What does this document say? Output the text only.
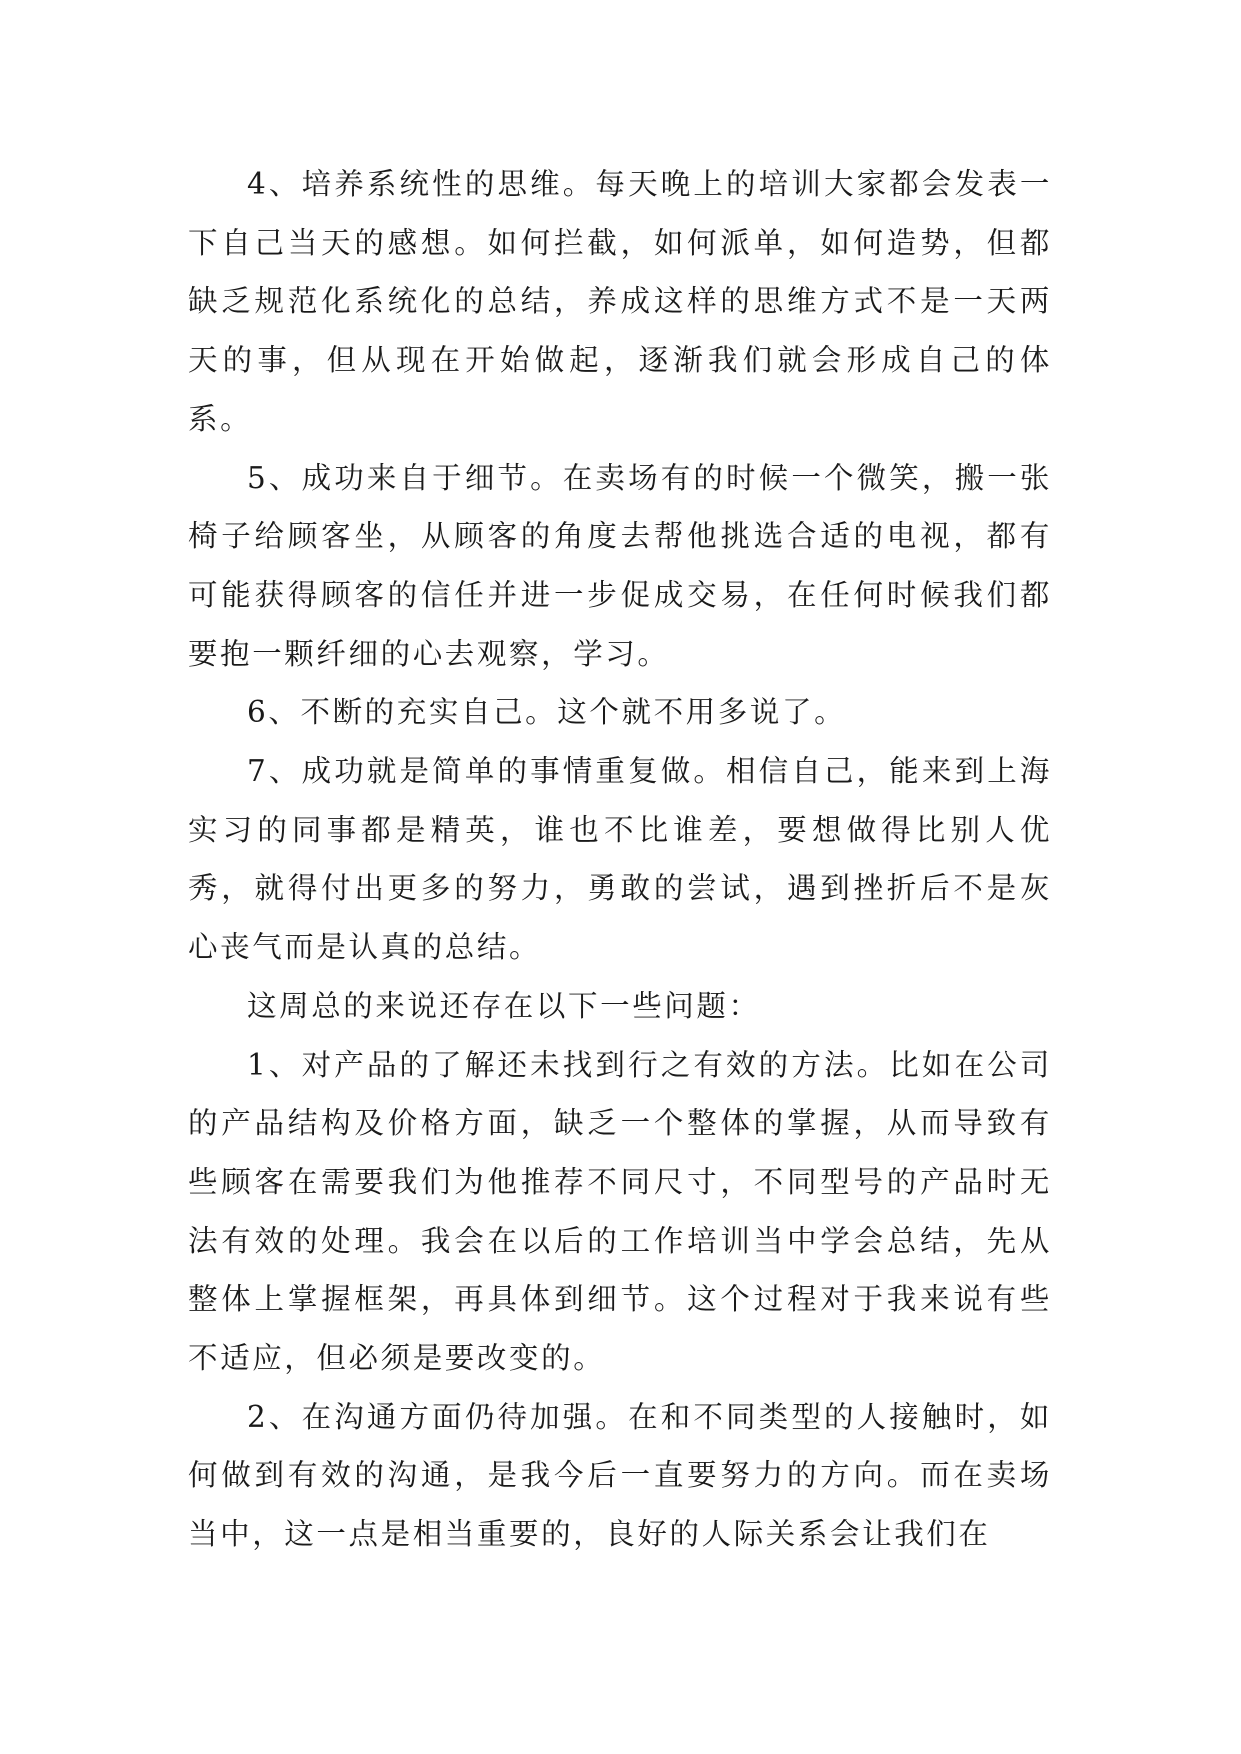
4、培养系统性的思维。每天晚上的培训大家都会发表一下自己当天的感想。如何拦截，如何派单，如何造势，但都缺乏规范化系统化的总结，养成这样的思维方式不是一天两天的事，但从现在开始做起，逐渐我们就会形成自己的体系。

5、成功来自于细节。在卖场有的时候一个微笑，搬一张椅子给顾客坐，从顾客的角度去帮他挑选合适的电视，都有可能获得顾客的信任并进一步促成交易，在任何时候我们都要抱一颗纤细的心去观察，学习。

6、不断的充实自己。这个就不用多说了。

7、成功就是简单的事情重复做。相信自己，能来到上海实习的同事都是精英，谁也不比谁差，要想做得比别人优秀，就得付出更多的努力，勇敢的尝试，遇到挫折后不是灰心丧气而是认真的总结。

这周总的来说还存在以下一些问题：

1、对产品的了解还未找到行之有效的方法。比如在公司的产品结构及价格方面，缺乏一个整体的掌握，从而导致有些顾客在需要我们为他推荐不同尺寸，不同型号的产品时无法有效的处理。我会在以后的工作培训当中学会总结，先从整体上掌握框架，再具体到细节。这个过程对于我来说有些不适应，但必须是要改变的。

2、在沟通方面仍待加强。在和不同类型的人接触时，如何做到有效的沟通，是我今后一直要努力的方向。而在卖场当中，这一点是相当重要的，良好的人际关系会让我们在
